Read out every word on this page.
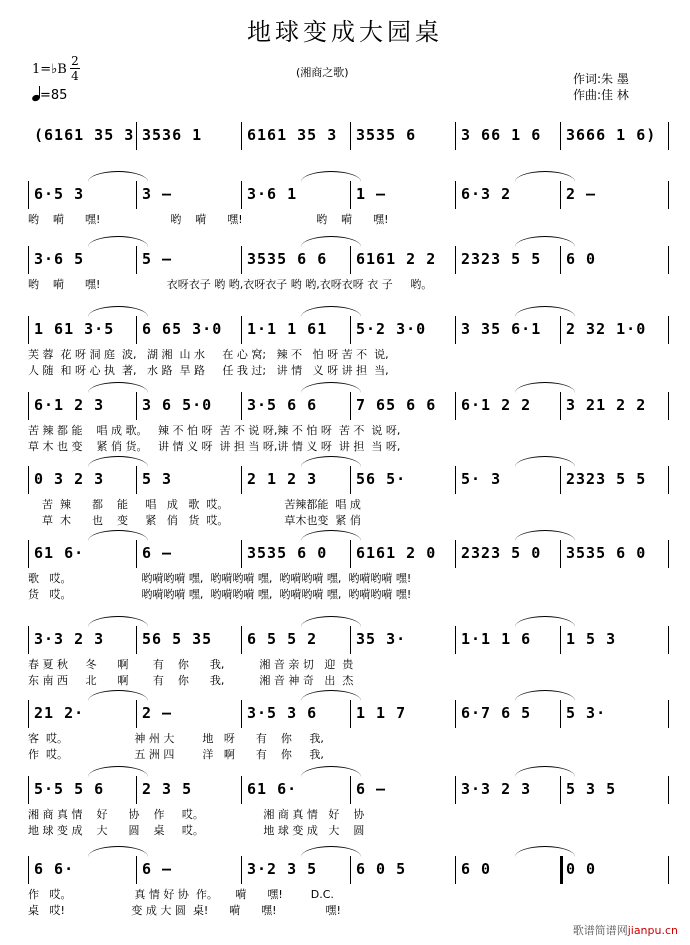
地球变成大园桌
(湘商之歌)	作词:朱 墨
作曲:佳 林
1=♭B
2
4
=85
(6161 35 3 3536 1	6161 35 3 3535 6	3 66 1 6 3666 1 6)
6·5 3	3 –	3·6 1	1 –	6·3 2	2 –
哟    嗬      嘿!                    哟    嗬      嘿!                     哟    嗬      嘿!
3·6 5	5 –	3535 6 6 6161 2 2 2323 5 5 6 0
哟    嗬      嘿!                   衣呀衣子 哟 哟,衣呀衣子 哟 哟,衣呀衣呀 衣 子     哟。
1 61 3·5 6 65 3·0 1·1 1 61 5·2 3·0 3 35 6·1 2 32 1·0
芙 蓉  花 呀 洞 庭  波,   湖 湘  山 水     在 心 窝;   辣 不   怕 呀 苦 不  说,
人 随  和 呀 心 执  著,   水 路  旱 路     任 我 过;   讲 情   义 呀 讲 担  当,
6·1 2 3	3 6 5·0 3·5 6 6	7 65 6 6 6·1 2 2 3 21 2 2
苦 辣 都 能    唱 成 歌。   辣 不 怕 呀  苦 不 说 呀,辣 不 怕 呀  苦 不  说 呀,
草 木 也 变    紧 俏 货。   讲 情 义 呀  讲 担 当 呀,讲 情 义 呀  讲 担  当 呀,
0 3 2 3	5 3	2 1 2 3	56 5·	5· 3	2323 5 5
苦  辣      都    能     唱   成   歌  哎。                苦辣都能  唱 成
草  木      也    变     紧   俏   货  哎。                草木也变  紧 俏
61 6·	6 –	3535 6 0 6161 2 0 2323 5 0 3535 6 0
歌   哎。                    哟嗬哟嗬 嘿,  哟嗬哟嗬 嘿,  哟嗬哟嗬 嘿,  哟嗬哟嗬 嘿!
货   哎。                    哟嗬哟嗬 嘿,  哟嗬哟嗬 嘿,  哟嗬哟嗬 嘿,  哟嗬哟嗬 嘿!
3·3 2 3	56 5 35 6 5 5 2	35 3·	1·1 1 6 1 5 3
春 夏 秋     冬      啊       有    你      我,          湘 音 亲 切   迎  贵
东 南 西     北      啊       有    你      我,          湘 音 神 奇   出  杰
21 2·	2 –	3·5 3 6	1 1 7	6·7 6 5 5 3·
客  哎。                   神 州 大        地   呀      有    你     我,
作  哎。                   五 洲 四        洋   啊      有    你     我,
5·5 5 6	2 3 5	61 6·	6 –	3·3 2 3 5 3 5
湘 商 真 情    好      协    作     哎。                 湘 商 真 情   好    协
地 球 变 成    大      圆    桌     哎。                 地 球 变 成   大    圆
6 6·	6 –	3·2 3 5	6 0 5	6 0	0 0
作   哎。                  真 情 好 协  作。     嗬      嘿!        D.C.
桌   哎!                   变 成 大 圆  桌!      嗬      嘿!              嘿!
歌谱简谱网jianpu.cn
